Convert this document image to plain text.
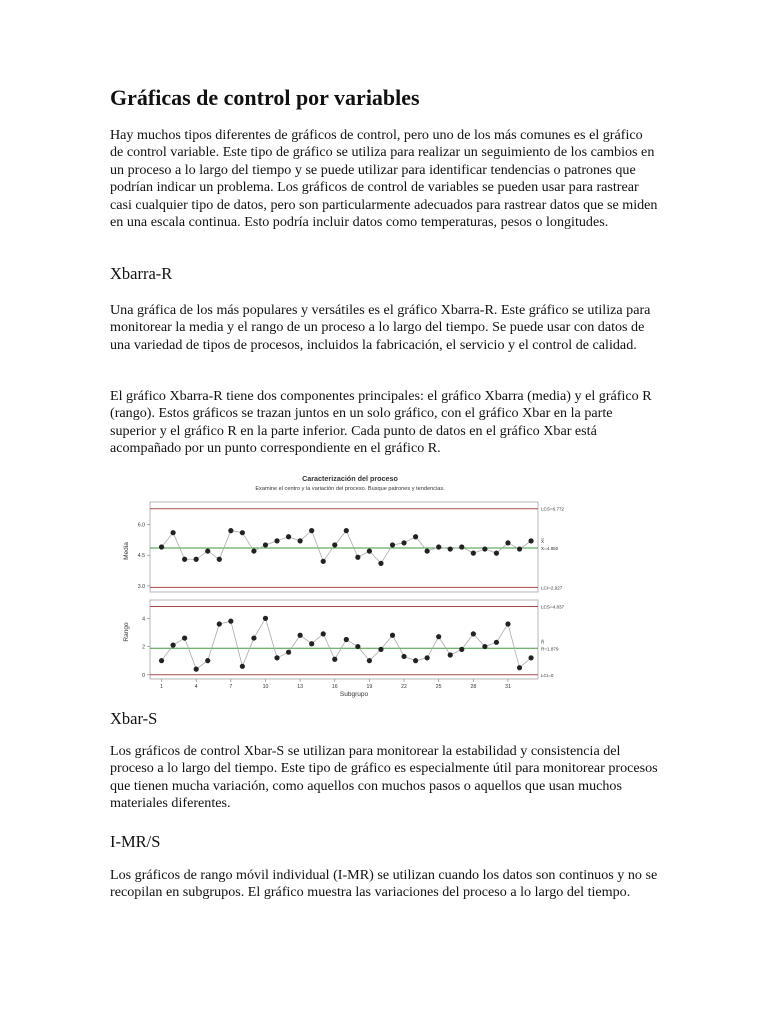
Gráficas de control por variables

Hay muchos tipos diferentes de gráficos de control, pero uno de los más comunes es el gráfico de control variable. Este tipo de gráfico se utiliza para realizar un seguimiento de los cambios en un proceso a lo largo del tiempo y se puede utilizar para identificar tendencias o patrones que podrían indicar un problema. Los gráficos de control de variables se pueden usar para rastrear casi cualquier tipo de datos, pero son particularmente adecuados para rastrear datos que se miden en una escala continua. Esto podría incluir datos como temperaturas, pesos o longitudes.

Xbarra-R

Una gráfica de los más populares y versátiles es el gráfico Xbarra-R. Este gráfico se utiliza para monitorear la media y el rango de un proceso a lo largo del tiempo. Se puede usar con datos de una variedad de tipos de procesos, incluidos la fabricación, el servicio y el control de calidad.

El gráfico Xbarra-R tiene dos componentes principales: el gráfico Xbarra (media) y el gráfico R (rango). Estos gráficos se trazan juntos en un solo gráfico, con el gráfico Xbar en la parte superior y el gráfico R en la parte inferior. Cada punto de datos en el gráfico Xbar está acompañado por un punto correspondiente en el gráfico R.

Caracterización del proceso
Examine el centro y la variación del proceso. Busque patrones y tendencias.
Subgrupo
Media
Rango
LCS=6.772
X̿
X=4.850
LCI=2.927
3.0
4.5
6.0
LCS=4.837
R̄
R=1.879
LCI=0
0
2
4
1	4	7	10	13	16	19	22	25	28	31
Xbar-S

Los gráficos de control Xbar-S se utilizan para monitorear la estabilidad y consistencia del proceso a lo largo del tiempo. Este tipo de gráfico es especialmente útil para monitorear procesos que tienen mucha variación, como aquellos con muchos pasos o aquellos que usan muchos materiales diferentes.

I-MR/S

Los gráficos de rango móvil individual (I-MR) se utilizan cuando los datos son continuos y no se recopilan en subgrupos. El gráfico muestra las variaciones del proceso a lo largo del tiempo.
